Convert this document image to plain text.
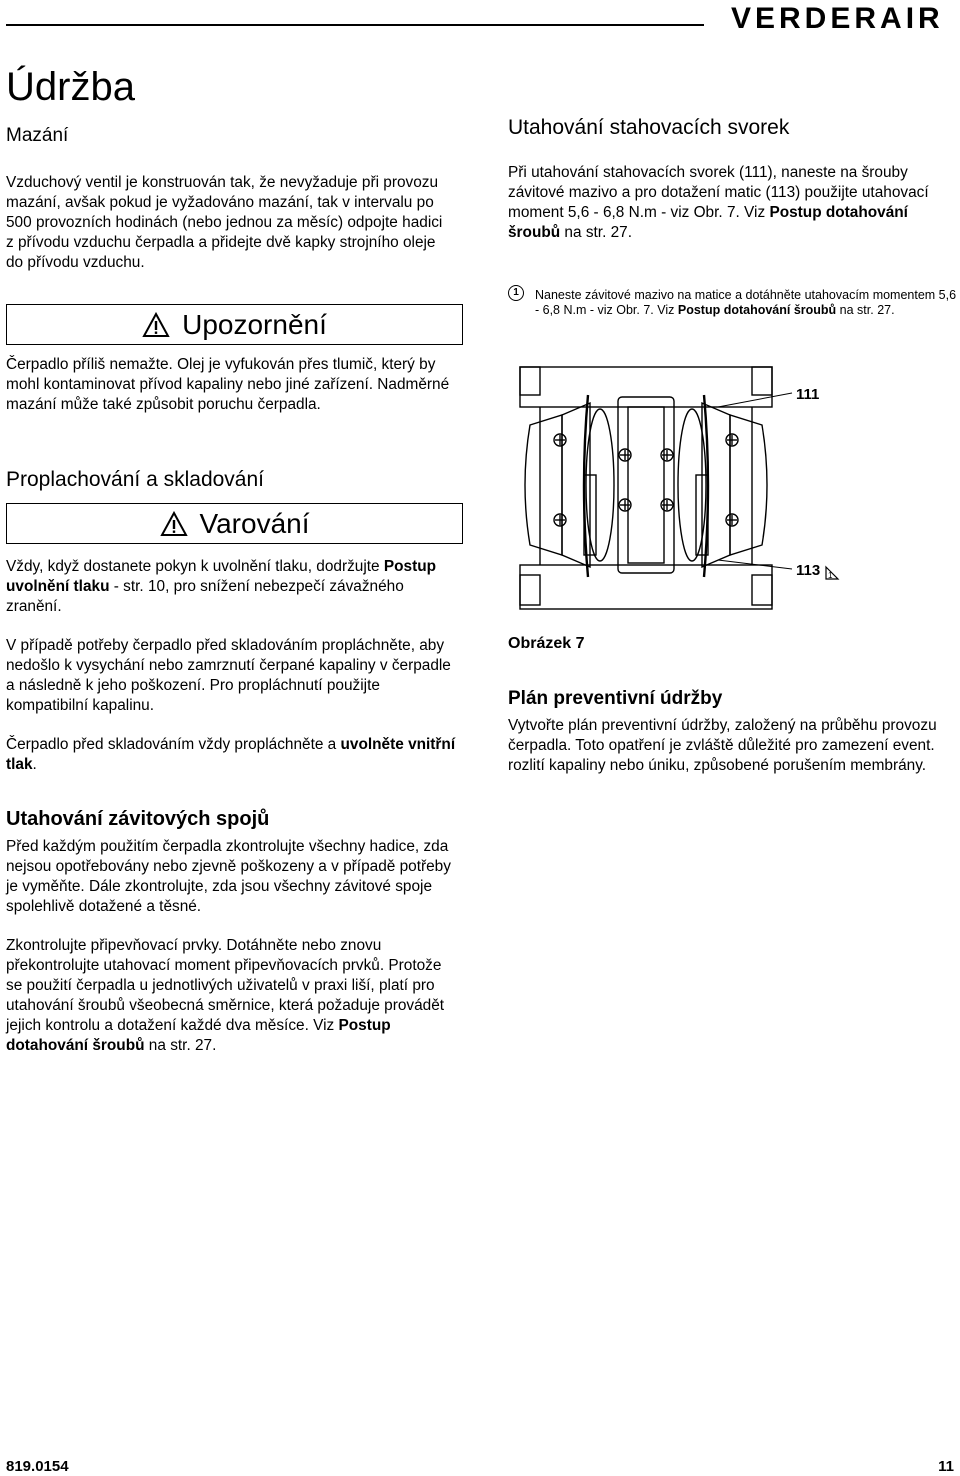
VERDERAIR
Údržba
Mazání

Vzduchový ventil je konstruován tak, že nevyžaduje při provozu mazání, avšak pokud je vyžadováno mazání, tak v intervalu po 500 provozních hodinách (nebo jednou za měsíc) odpojte hadici z přívodu vzduchu čerpadla a přidejte dvě kapky strojního oleje do přívodu vzduchu.

Upozornění

Čerpadlo příliš nemažte. Olej je vyfukován přes tlumič, který by mohl kontaminovat přívod kapaliny nebo jiné zařízení. Nadměrné mazání může také způsobit poruchu čerpadla.

Proplachování a skladování
Varování

Vždy, když dostanete pokyn k uvolnění tlaku, dodržujte Postup uvolnění tlaku - str. 10, pro snížení nebezpečí závažného zranění.

V případě potřeby čerpadlo před skladováním propláchněte, aby nedošlo k vysychání nebo zamrznutí čerpané kapaliny v čerpadle a následně k jeho poškození. Pro propláchnutí použijte kompatibilní kapalinu.

Čerpadlo před skladováním vždy propláchněte a uvolněte vnitřní tlak.

Utahování závitových spojů

Před každým použitím čerpadla zkontrolujte všechny hadice, zda nejsou opotřebovány nebo zjevně poškozeny a v případě potřeby je vyměňte. Dále zkontrolujte, zda jsou všechny závitové spoje spolehlivě dotažené a těsné.

Zkontrolujte připevňovací prvky. Dotáhněte nebo znovu překontrolujte utahovací moment připevňovacích prvků. Protože se použití čerpadla u jednotlivých uživatelů v praxi liší, platí pro utahování šroubů všeobecná směrnice, která požaduje provádět jejich kontrolu a dotažení každé dva měsíce. Viz Postup dotahování šroubů na str. 27.

Utahování stahovacích svorek

Při utahování stahovacích svorek (111), naneste na šrouby závitové mazivo a pro dotažení matic (113) použijte utahovací moment 5,6 - 6,8 N.m - viz Obr. 7. Viz Postup dotahování šroubů na str. 27.

1	Naneste závitové mazivo na matice a dotáhněte utahovacím momentem 5,6 - 6,8 N.m - viz Obr. 7. Viz Postup dotahování šroubů na str. 27.

111
113 1
Obrázek 7
Plán preventivní údržby

Vytvořte plán preventivní údržby, založený na průběhu provozu čerpadla. Toto opatření je zvláště důležité pro zamezení event. rozlití kapaliny nebo úniku, způsobené porušením membrány.

819.0154	11
